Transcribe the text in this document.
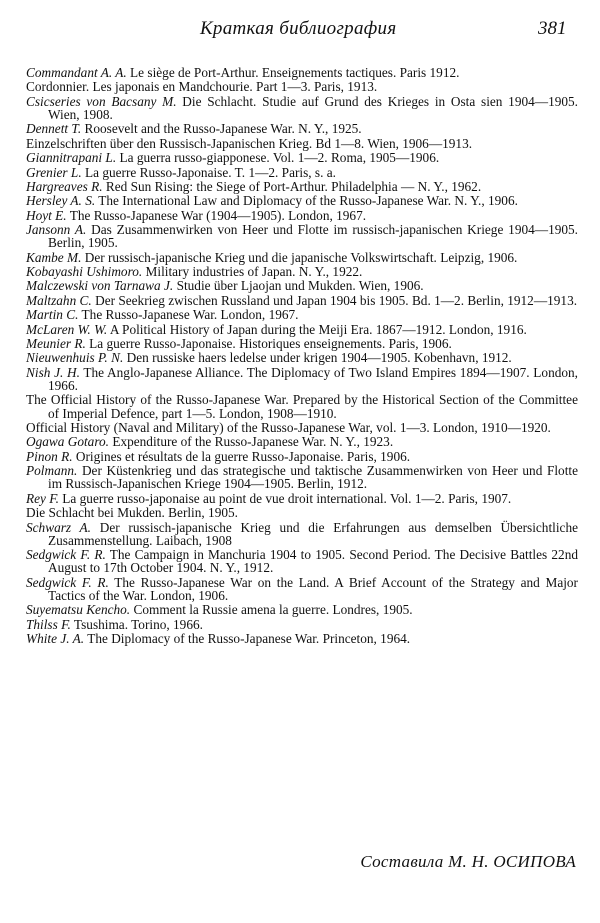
Краткая библиография	381

Commandant A. A. Le siège de Port-Arthur. Enseignements tactiques. Paris 1912.

Cordonnier. Les japonais en Mandchourie. Part 1—3. Paris, 1913.

Csicseries von Bacsany M. Die Schlacht. Studie auf Grund des Krieges in Osta sien 1904—1905. Wien, 1908.

Dennett T. Roosevelt and the Russo-Japanese War. N. Y., 1925.

Einzelschriften über den Russisch-Japanischen Krieg. Bd 1—8. Wien, 1906—1913.

Giannitrapani L. La guerra russo-giapponese. Vol. 1—2. Roma, 1905—1906.

Grenier L. La guerre Russo-Japonaise. T. 1—2. Paris, s. a.

Hargreaves R. Red Sun Rising: the Siege of Port-Arthur. Philadelphia — N. Y., 1962.

Hersley A. S. The International Law and Diplomacy of the Russo-Japanese War. N. Y., 1906.

Hoyt E. The Russo-Japanese War (1904—1905). London, 1967.

Jansonn A. Das Zusammenwirken von Heer und Flotte im russisch-japanischen Kriege 1904—1905. Berlin, 1905.

Kambe M. Der russisch-japanische Krieg und die japanische Volkswirtschaft. Leipzig, 1906.

Kobayashi Ushimoro. Military industries of Japan. N. Y., 1922.

Malczewski von Tarnawa J. Studie über Ljaojan und Mukden. Wien, 1906.

Maltzahn C. Der Seekrieg zwischen Russland und Japan 1904 bis 1905. Bd. 1—2. Berlin, 1912—1913.

Martin C. The Russo-Japanese War. London, 1967.

McLaren W. W. A Political History of Japan during the Meiji Era. 1867—1912. London, 1916.

Meunier R. La guerre Russo-Japonaise. Historiques enseignements. Paris, 1906.

Nieuwenhuis P. N. Den russiske haers ledelse under krigen 1904—1905. Kobenhavn, 1912.

Nish J. H. The Anglo-Japanese Alliance. The Diplomacy of Two Island Empires 1894—1907. London, 1966.

The Official History of the Russo-Japanese War. Prepared by the Historical Section of the Committee of Imperial Defence, part 1—5. London, 1908—1910.

Official History (Naval and Military) of the Russo-Japanese War, vol. 1—3. London, 1910—1920.

Ogawa Gotaro. Expenditure of the Russo-Japanese War. N. Y., 1923.

Pinon R. Origines et résultats de la guerre Russo-Japonaise. Paris, 1906.

Polmann. Der Küstenkrieg und das strategische und taktische Zusammenwirken von Heer und Flotte im Russisch-Japanischen Kriege 1904—1905. Berlin, 1912.

Rey F. La guerre russo-japonaise au point de vue droit international. Vol. 1—2. Paris, 1907.

Die Schlacht bei Mukden. Berlin, 1905.

Schwarz A. Der russisch-japanische Krieg und die Erfahrungen aus demselben Übersichtliche Zusammenstellung. Laibach, 1908

Sedgwick F. R. The Campaign in Manchuria 1904 to 1905. Second Period. The Decisive Battles 22nd August to 17th October 1904. N. Y., 1912.

Sedgwick F. R. The Russo-Japanese War on the Land. A Brief Account of the Strategy and Major Tactics of the War. London, 1906.

Suyematsu Kencho. Comment la Russie amena la guerre. Londres, 1905.

Thilss F. Tsushima. Torino, 1966.

White J. A. The Diplomacy of the Russo-Japanese War. Princeton, 1964.

Составила М. Н. ОСИПОВА
